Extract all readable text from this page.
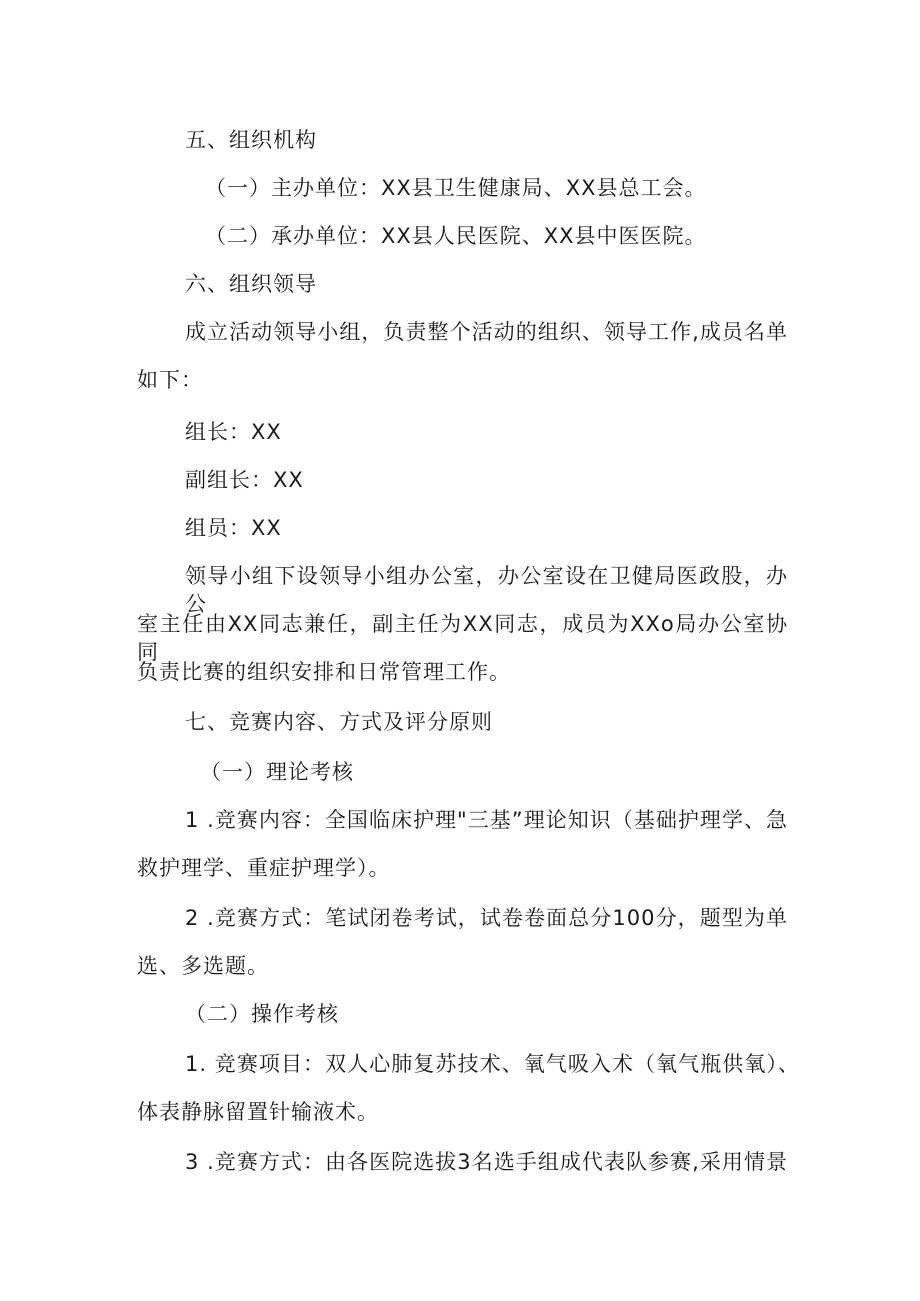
五、组织机构
（一）主办单位：XX县卫生健康局、XX县总工会。
（二）承办单位：XX县人民医院、XX县中医医院。
六、组织领导
成立活动领导小组，负责整个活动的组织、领导工作,成员名单
如下：
组长：XX
副组长：XX
组员：XX
领导小组下设领导小组办公室，办公室设在卫健局医政股，办公
室主任由XX同志兼任，副主任为XX同志，成员为XXo局办公室协同
负责比赛的组织安排和日常管理工作。
七、竞赛内容、方式及评分原则
（一）理论考核
1 .竞赛内容：全国临床护理"三基”理论知识（基础护理学、急
救护理学、重症护理学）。
2 .竞赛方式：笔试闭卷考试，试卷卷面总分100分，题型为单
选、多选题。
（二）操作考核
1. 竞赛项目：双人心肺复苏技术、氧气吸入术（氧气瓶供氧）、
体表静脉留置针输液术。
3 .竞赛方式：由各医院选拔3名选手组成代表队参赛,采用情景
